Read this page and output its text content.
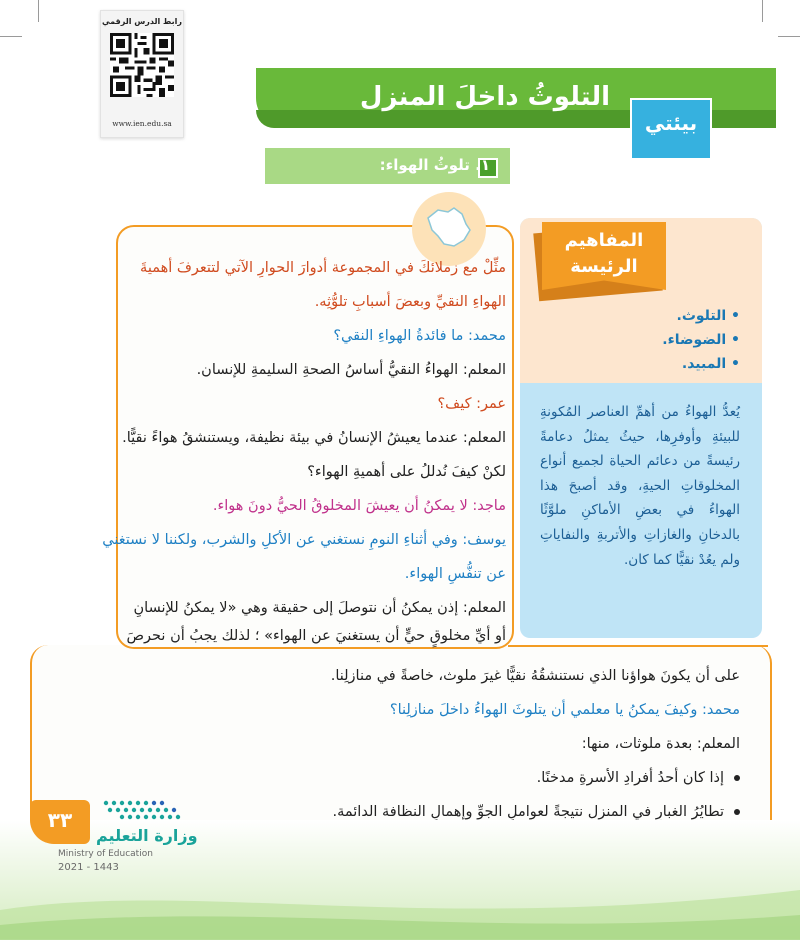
رابط الدرس الرقمي
www.ien.edu.sa
التلوثُ داخلَ المنزل
بيئتي
١. تلوثُ الهواء:
المفاهيم
الرئيسة
• التلوث.
• الضوضاء.
• المبيد.
يُعدُّ الهواءُ من أهمِّ العناصر المُكونةِ للبيئةِ وأوفرِها، حيثُ يمثلُ دعامةً رئيسةً من دعائم الحياة لجميع أنواع المخلوقاتِ الحيةِ، وقد أصبحَ هذا الهواءُ في بعضِ الأماكنِ ملوَّثًا بالدخانِ والغازاتِ والأتربةِ والنفاياتِ ولم يعُدْ نقيًّا كما كان.
مثِّلْ مع زملائكَ في المجموعة أدوارَ الحوارِ الآتي لتتعرفَ أهميةَ
الهواءِ النقيِّ وبعضَ أسبابِ تلوُّثِه.
محمد: ما فائدةُ الهواءِ النقي؟
المعلم: الهواءُ النقيُّ أساسُ الصحةِ السليمةِ للإنسان.
عمر: كيف؟
المعلم: عندما يعيشُ الإنسانُ في بيئة نظيفة، ويستنشقُ هواءً نقيًّا.
لكنْ كيفَ نُدللُ على أهميةِ الهواء؟
ماجد: لا يمكنُ أن يعيشَ المخلوقُ الحيُّ دونَ هواء.
يوسف: وفي أثناءِ النومِ نستغني عن الأكلِ والشرب، ولكننا لا نستغني
عن تنفُّسِ الهواء.
المعلم: إذن يمكنُ أن نتوصلَ إلى حقيقة وهي «لا يمكنُ للإنسانِ
أو أيِّ مخلوقٍ حيٍّ أن يستغنيَ عن الهواء» ؛ لذلك يجبُ أن نحرصَ
على أن يكونَ هواؤنا الذي نستنشقُهُ نقيًّا غيرَ ملوث، خاصةً في منازلِنا.
محمد: وكيفَ يمكنُ يا معلمي أن يتلوثَ الهواءُ داخلَ منازلِنا؟
المعلم: بعدة ملوثات، منها:
إذا كان أحدُ أفرادِ الأسرةِ مدخنًا.
تطايُرُ الغبارِ في المنزل نتيجةً لعواملِ الجوِّ وإهمالِ النظافة الدائمة.
٣٣
وزارة التعليم
Ministry of Education
2021 - 1443
